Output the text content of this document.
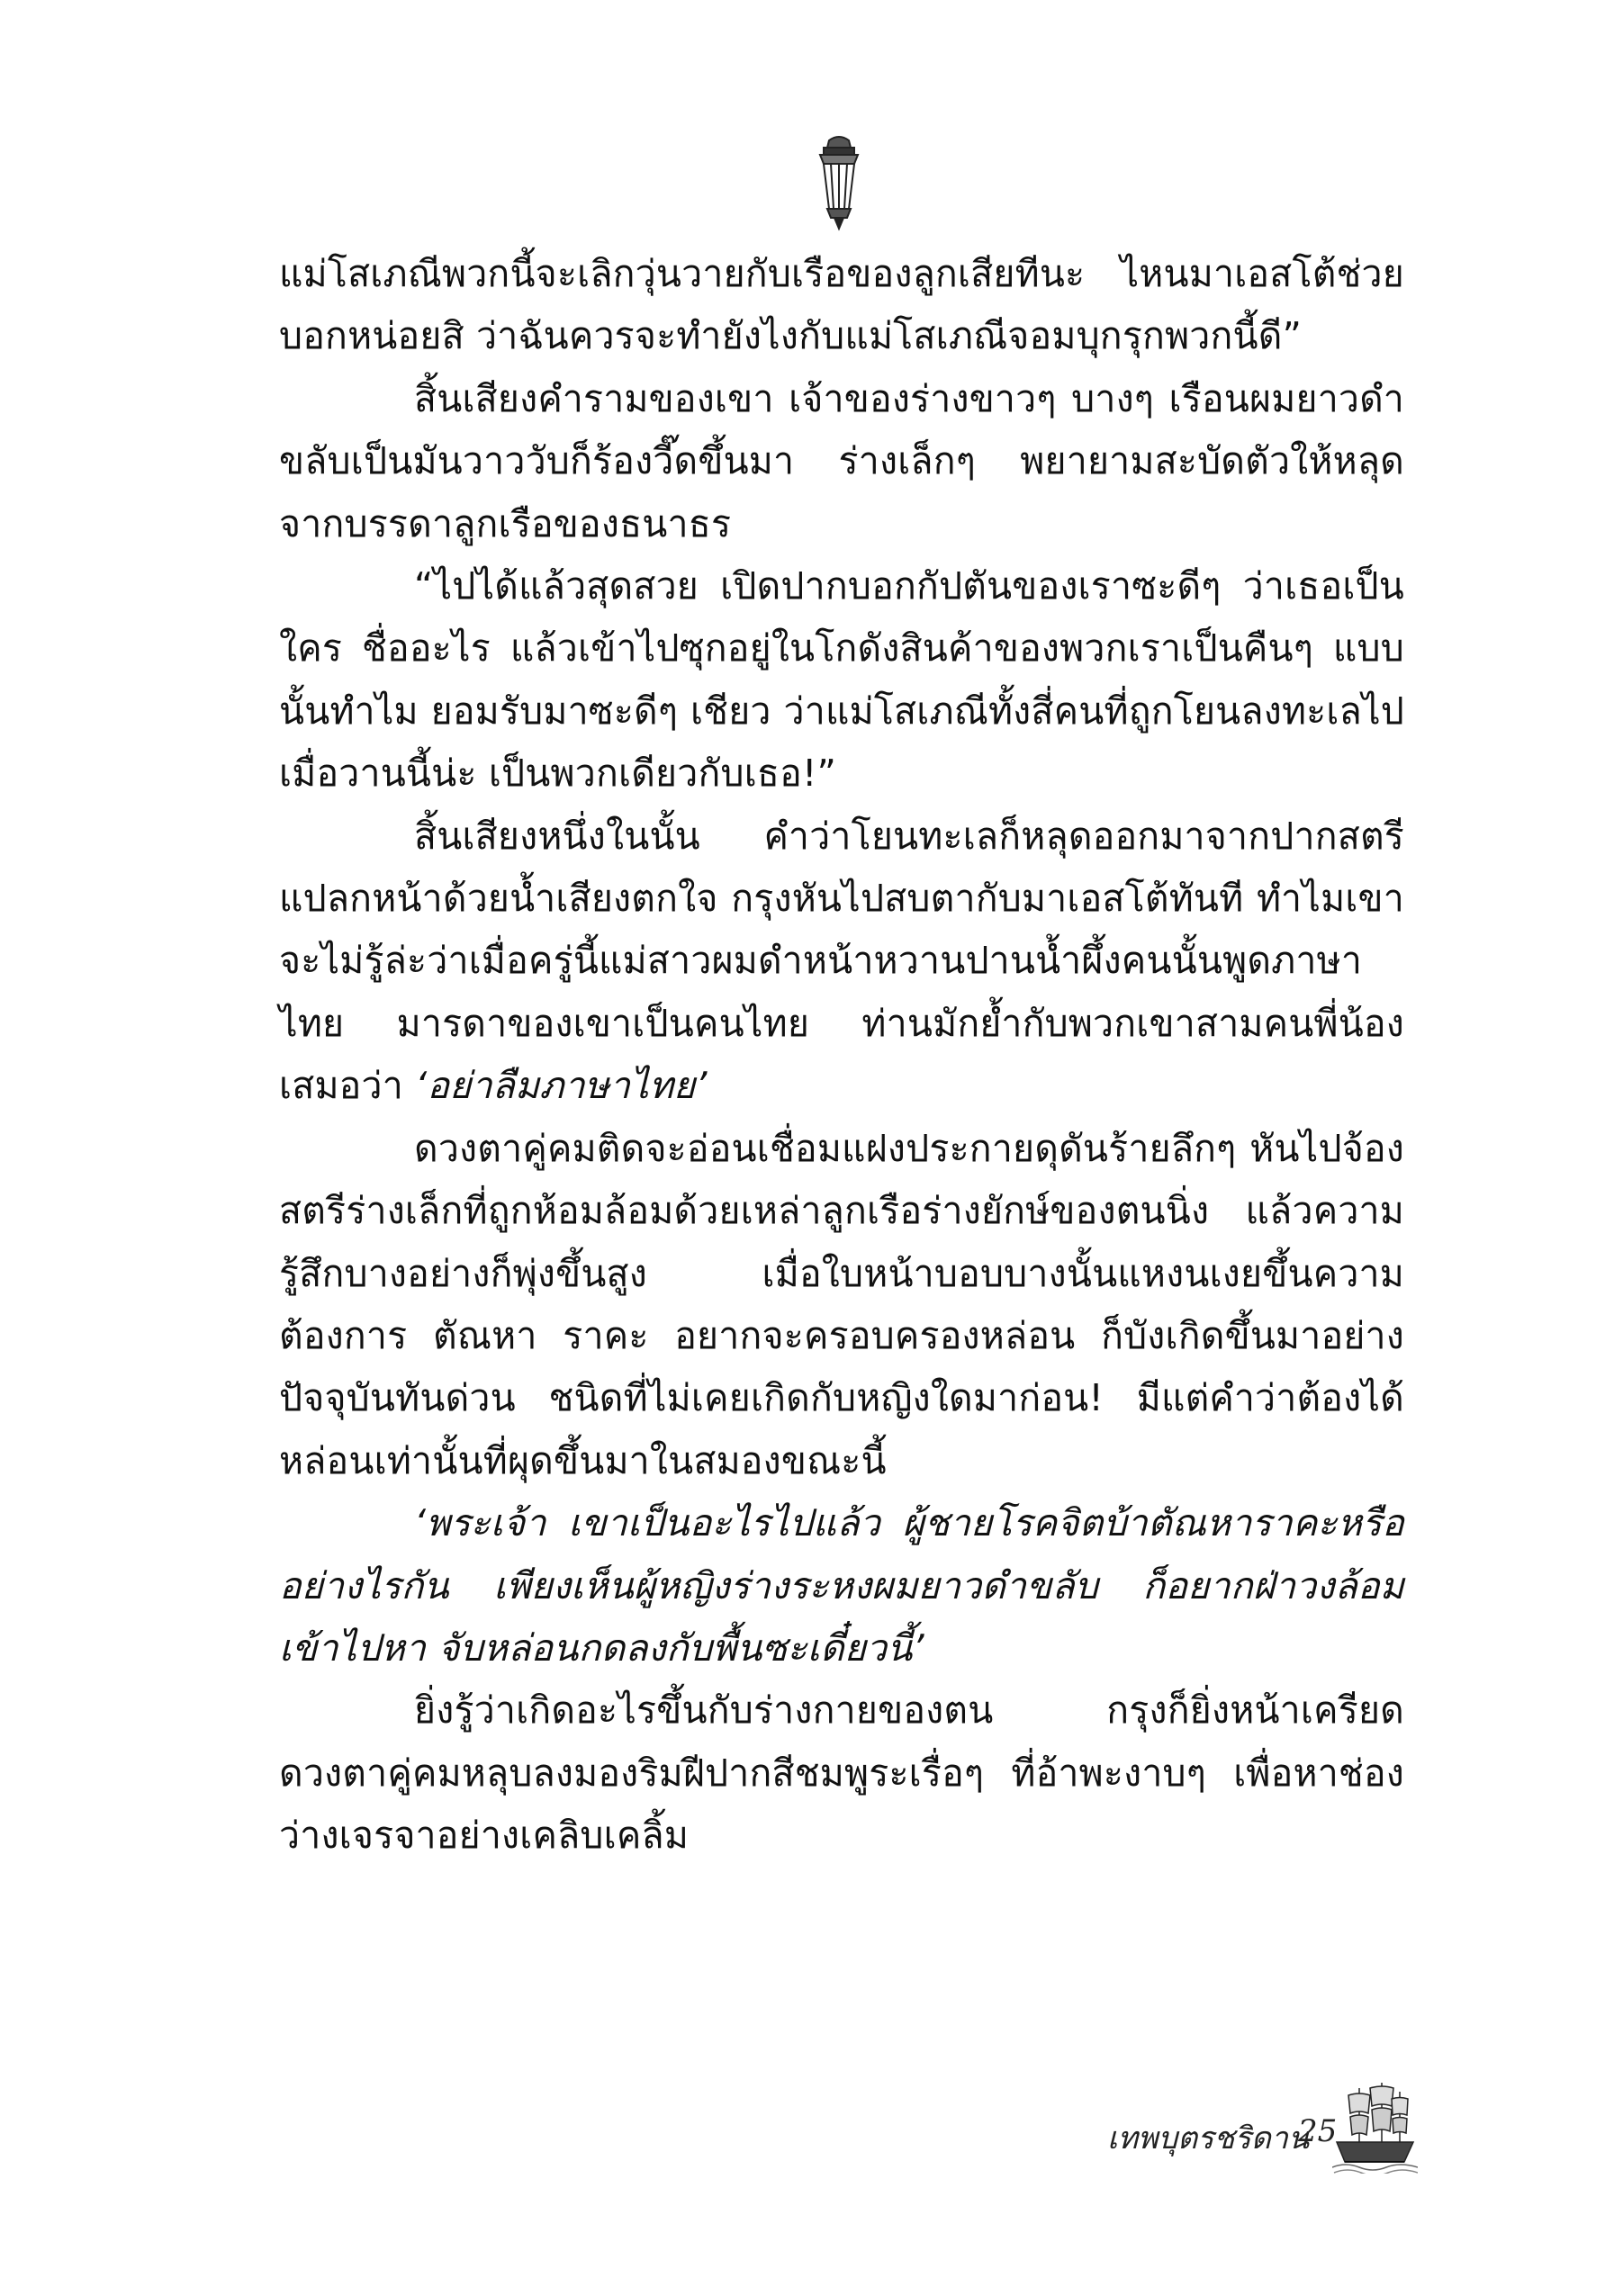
แม่โสเภณีพวกนี้จะเลิกวุ่นวายกับเรือของลูกเสียทีนะ ไหนมาเอสโต้ช่วยบอกหน่อยสิ ว่าฉันควรจะทำยังไงกับแม่โสเภณีจอมบุกรุกพวกนี้ดี”

สิ้นเสียงคำรามของเขา เจ้าของร่างขาวๆ บางๆ เรือนผมยาวดำขลับเป็นมันวาววับก็ร้องวี๊ดขึ้นมา ร่างเล็กๆ พยายามสะบัดตัวให้หลุดจากบรรดาลูกเรือของธนาธร

“ไปได้แล้วสุดสวย เปิดปากบอกกัปตันของเราซะดีๆ ว่าเธอเป็นใคร ชื่ออะไร แล้วเข้าไปซุกอยู่ในโกดังสินค้าของพวกเราเป็นคืนๆ แบบนั้นทำไม ยอมรับมาซะดีๆ เชียว ว่าแม่โสเภณีทั้งสี่คนที่ถูกโยนลงทะเลไปเมื่อวานนี้น่ะ เป็นพวกเดียวกับเธอ!”

สิ้นเสียงหนึ่งในนั้น คำว่าโยนทะเลก็หลุดออกมาจากปากสตรีแปลกหน้าด้วยน้ำเสียงตกใจ กรุงหันไปสบตากับมาเอสโต้ทันที ทำไมเขาจะไม่รู้ล่ะว่าเมื่อครู่นี้แม่สาวผมดำหน้าหวานปานน้ำผึ้งคนนั้นพูดภาษาไทย มารดาของเขาเป็นคนไทย ท่านมักย้ำกับพวกเขาสามคนพี่น้องเสมอว่า ‘อย่าลืมภาษาไทย’

ดวงตาคู่คมติดจะอ่อนเชื่อมแฝงประกายดุดันร้ายลึกๆ หันไปจ้องสตรีร่างเล็กที่ถูกห้อมล้อมด้วยเหล่าลูกเรือร่างยักษ์ของตนนิ่ง แล้วความรู้สึกบางอย่างก็พุ่งขึ้นสูง เมื่อใบหน้าบอบบางนั้นแหงนเงยขึ้นความต้องการ ตัณหา ราคะ อยากจะครอบครองหล่อน ก็บังเกิดขึ้นมาอย่างปัจจุบันทันด่วน ชนิดที่ไม่เคยเกิดกับหญิงใดมาก่อน! มีแต่คำว่าต้องได้หล่อนเท่านั้นที่ผุดขึ้นมาในสมองขณะนี้

‘พระเจ้า เขาเป็นอะไรไปแล้ว ผู้ชายโรคจิตบ้าตัณหาราคะหรืออย่างไรกัน เพียงเห็นผู้หญิงร่างระหงผมยาวดำขลับ ก็อยากฝ่าวงล้อมเข้าไปหา จับหล่อนกดลงกับพื้นซะเดี๋ยวนี้’

ยิ่งรู้ว่าเกิดอะไรขึ้นกับร่างกายของตน กรุงก็ยิ่งหน้าเครียด ดวงตาคู่คมหลุบลงมองริมฝีปากสีชมพูระเรื่อๆ ที่อ้าพะงาบๆ เพื่อหาช่องว่างเจรจาอย่างเคลิบเคลิ้ม

เทพบุตรชริดาน
25
